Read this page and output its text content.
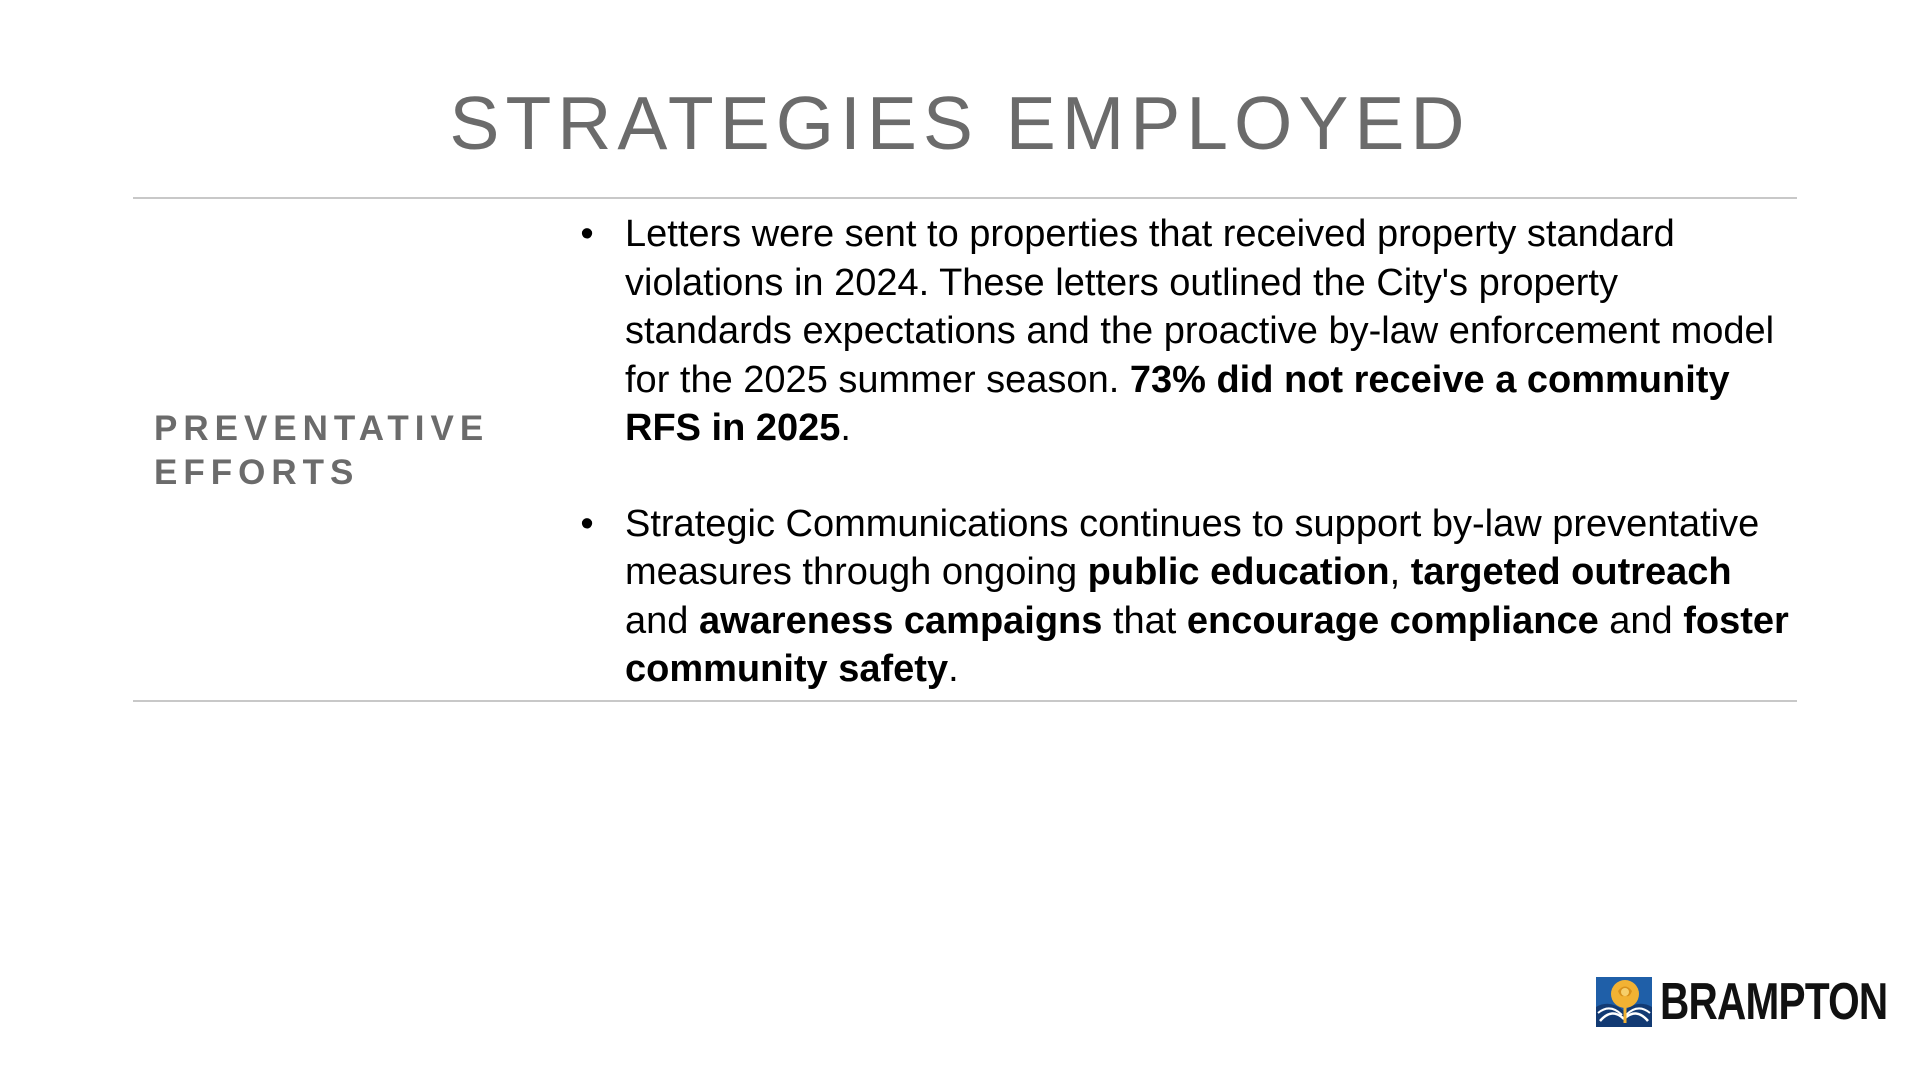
STRATEGIES EMPLOYED
PREVENTATIVE
EFFORTS
• Letters were sent to properties that received property standard violations in 2024. These letters outlined the City's property standards expectations and the proactive by-law enforcement model for the 2025 summer season. 73% did not receive a community RFS in 2025.
• Strategic Communications continues to support by-law preventative measures through ongoing public education, targeted outreach and awareness campaigns that encourage compliance and foster community safety.
BRAMPTON
